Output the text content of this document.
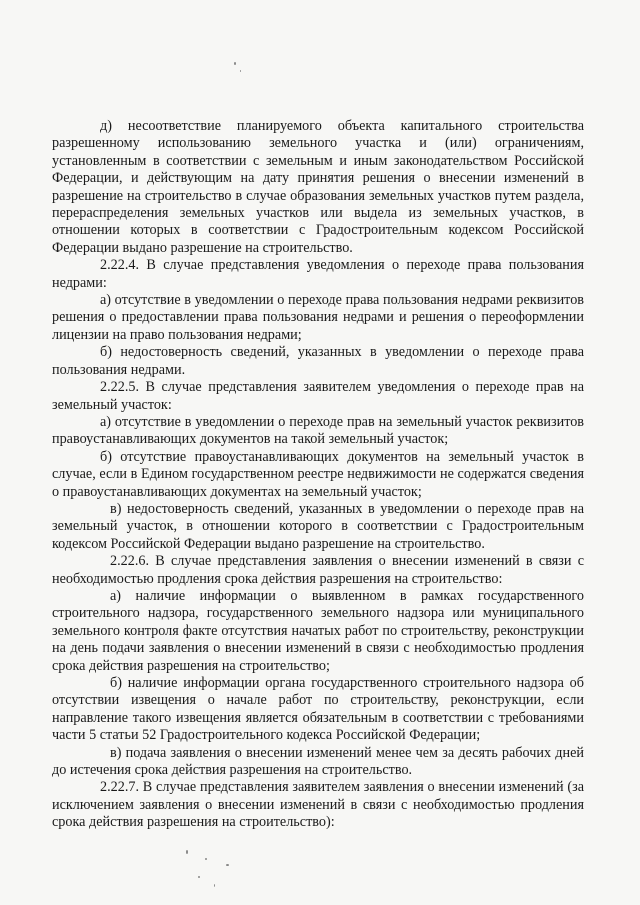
д) несоответствие планируемого объекта капитального строительства разрешенному использованию земельного участка и (или) ограничениям, установленным в соответствии с земельным и иным законодательством Российской Федерации, и действующим на дату принятия решения о внесении изменений в разрешение на строительство в случае образования земельных участков путем раздела, перераспределения земельных участков или выдела из земельных участков, в отношении которых в соответствии с Градостроительным кодексом Российской Федерации выдано разрешение на строительство.

2.22.4. В случае представления уведомления о переходе права пользования недрами:

а) отсутствие в уведомлении о переходе права пользования недрами реквизитов решения о предоставлении права пользования недрами и решения о переоформлении лицензии на право пользования недрами;

б) недостоверность сведений, указанных в уведомлении о переходе права пользования недрами.

2.22.5. В случае представления заявителем уведомления о переходе прав на земельный участок:

а) отсутствие в уведомлении о переходе прав на земельный участок реквизитов правоустанавливающих документов на такой земельный участок;

б) отсутствие правоустанавливающих документов на земельный участок в случае, если в Едином государственном реестре недвижимости не содержатся сведения о правоустанавливающих документах на земельный участок;

в) недостоверность сведений, указанных в уведомлении о переходе прав на земельный участок, в отношении которого в соответствии с Градостроительным кодексом Российской Федерации выдано разрешение на строительство.

2.22.6. В случае представления заявления о внесении изменений в связи с необходимостью продления срока действия разрешения на строительство:

а) наличие информации о выявленном в рамках государственного строительного надзора, государственного земельного надзора или муниципального земельного контроля факте отсутствия начатых работ по строительству, реконструкции на день подачи заявления о внесении изменений в связи с необходимостью продления срока действия разрешения на строительство;

б) наличие информации органа государственного строительного надзора об отсутствии извещения о начале работ по строительству, реконструкции, если направление такого извещения является обязательным в соответствии с требованиями части 5 статьи 52 Градостроительного кодекса Российской Федерации;

в) подача заявления о внесении изменений менее чем за десять рабочих дней до истечения срока действия разрешения на строительство.

2.22.7. В случае представления заявителем заявления о внесении изменений (за исключением заявления о внесении изменений в связи с необходимостью продления срока действия разрешения на строительство):
